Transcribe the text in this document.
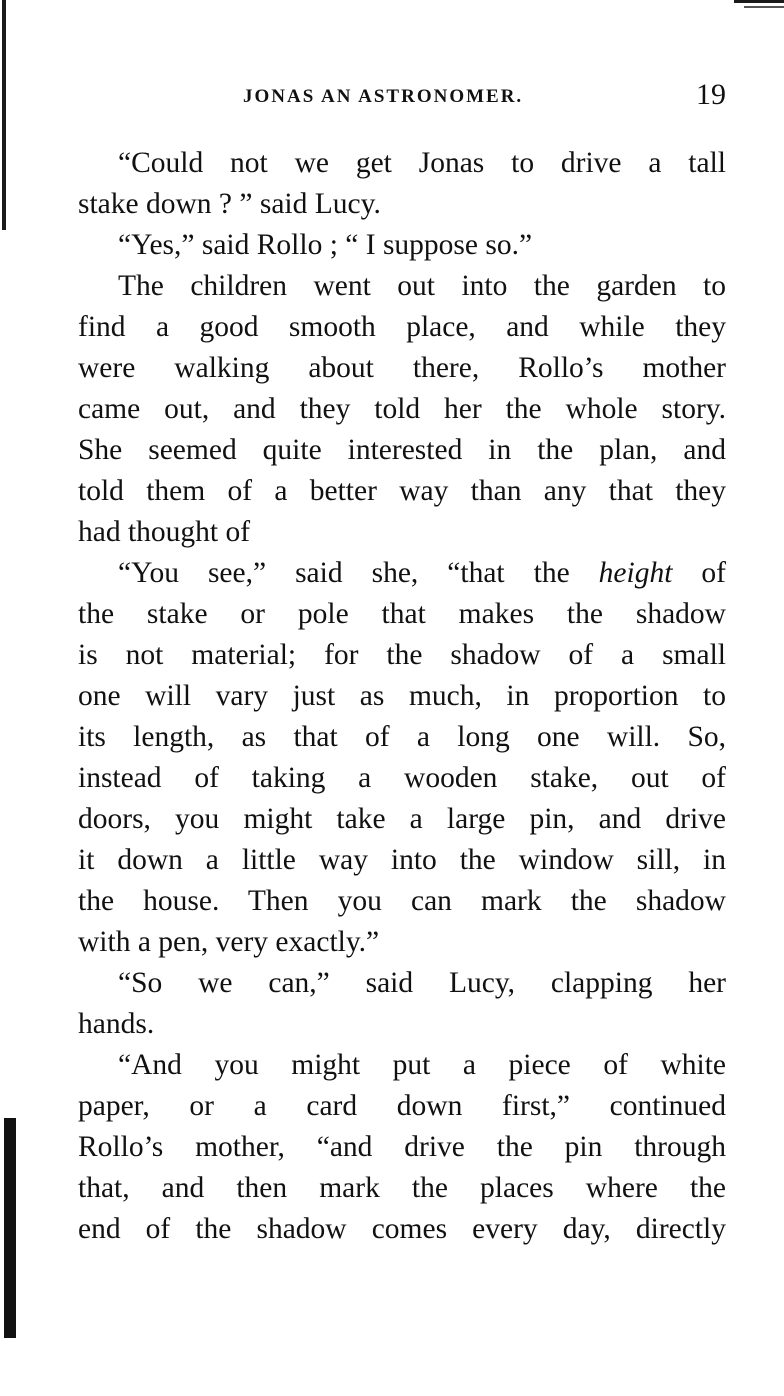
JONAS AN ASTRONOMER.	19
“Could not we get Jonas to drive a tall
stake down ? ” said Lucy.
“Yes,” said Rollo ; “ I suppose so.”
The children went out into the garden to
find a good smooth place, and while they
were walking about there, Rollo’s mother
came out, and they told her the whole story.
She seemed quite interested in the plan, and
told them of a better way than any that they
had thought of
“You see,” said she, “that the height of
the stake or pole that makes the shadow
is not material; for the shadow of a small
one will vary just as much, in proportion to
its length, as that of a long one will. So,
instead of taking a wooden stake, out of
doors, you might take a large pin, and drive
it down a little way into the window sill, in
the house. Then you can mark the shadow
with a pen, very exactly.”
“So we can,” said Lucy, clapping her
hands.
“And you might put a piece of white
paper, or a card down first,” continued
Rollo’s mother, “and drive the pin through
that, and then mark the places where the
end of the shadow comes every day, directly
